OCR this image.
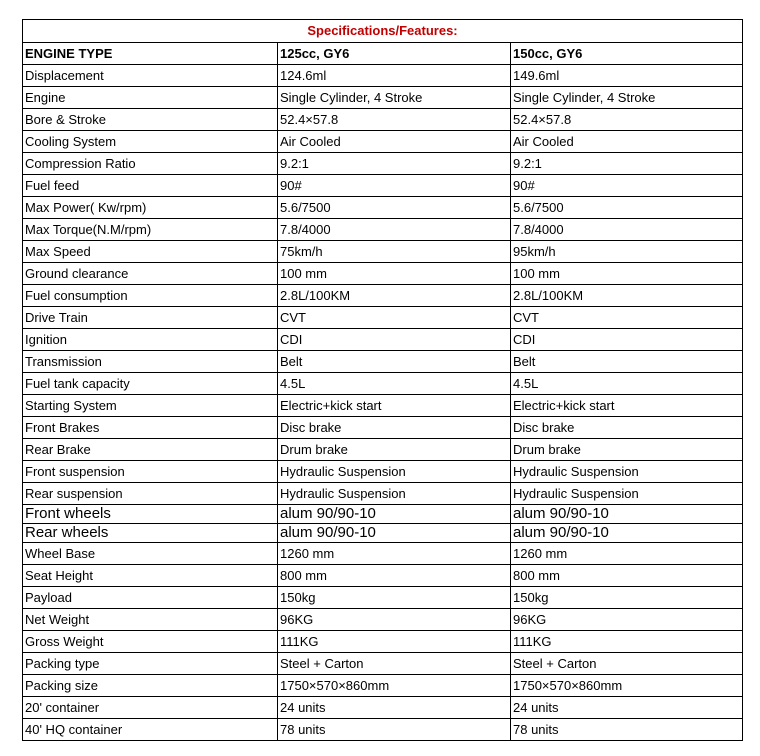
Specifications/Features:		
ENGINE TYPE	125cc, GY6	150cc, GY6
Displacement	124.6ml	149.6ml
Engine	Single Cylinder, 4 Stroke	Single Cylinder, 4 Stroke
Bore & Stroke	52.4×57.8	52.4×57.8
Cooling System	Air Cooled	Air Cooled
Compression Ratio	9.2:1	9.2:1
Fuel feed	90#	90#
Max Power( Kw/rpm)	5.6/7500	5.6/7500
Max Torque(N.M/rpm)	7.8/4000	7.8/4000
Max Speed	75km/h	95km/h
Ground clearance	100 mm	100 mm
Fuel consumption	2.8L/100KM	2.8L/100KM
Drive Train	CVT	CVT
Ignition	CDI	CDI
Transmission	Belt	Belt
Fuel tank capacity	4.5L	4.5L
Starting System	Electric+kick start	Electric+kick start
Front Brakes	Disc brake	Disc brake
Rear Brake	Drum brake	Drum brake
Front suspension	Hydraulic Suspension	Hydraulic Suspension
Rear suspension	Hydraulic Suspension	Hydraulic Suspension
Front wheels	alum 90/90-10	alum 90/90-10
Rear wheels	alum 90/90-10	alum 90/90-10
Wheel Base	1260 mm	1260 mm
Seat Height	800 mm	800 mm
Payload	150kg	150kg
Net Weight	96KG	96KG
Gross Weight	111KG	111KG
Packing type	Steel + Carton	Steel + Carton
Packing size	1750×570×860mm	1750×570×860mm
20' container	24 units	24 units
40' HQ container	78 units	78 units
